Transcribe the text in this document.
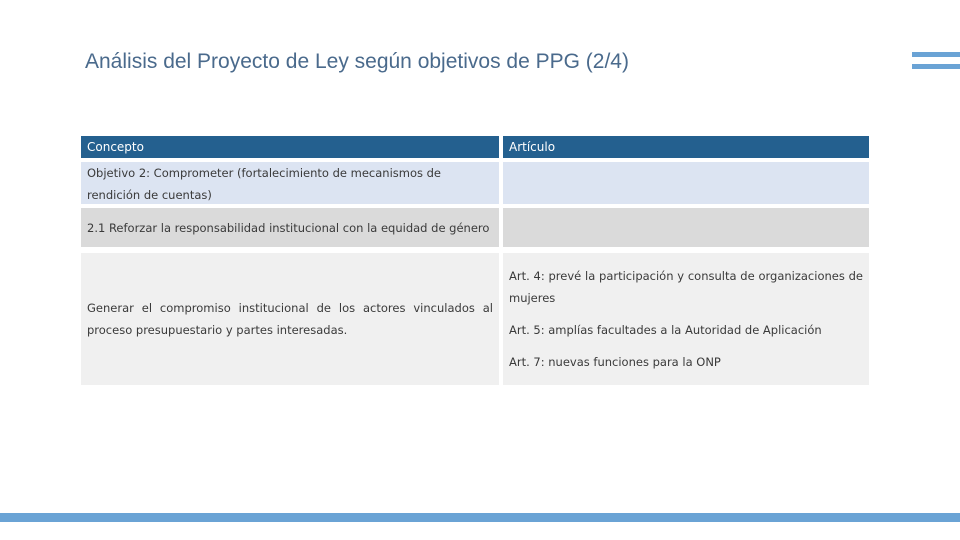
Análisis del Proyecto de Ley según objetivos de PPG (2/4)
Concepto	Artículo
Objetivo 2: Comprometer (fortalecimiento de mecanismos de rendición de cuentas)
2.1 Reforzar la responsabilidad institucional con la equidad de género
Generar el compromiso institucional de los actores vinculados al proceso presupuestario y partes interesadas.

Art. 4: prevé la participación y consulta de organizaciones de mujeres

Art. 5: amplías facultades a la Autoridad de Aplicación

Art. 7: nuevas funciones para la ONP
